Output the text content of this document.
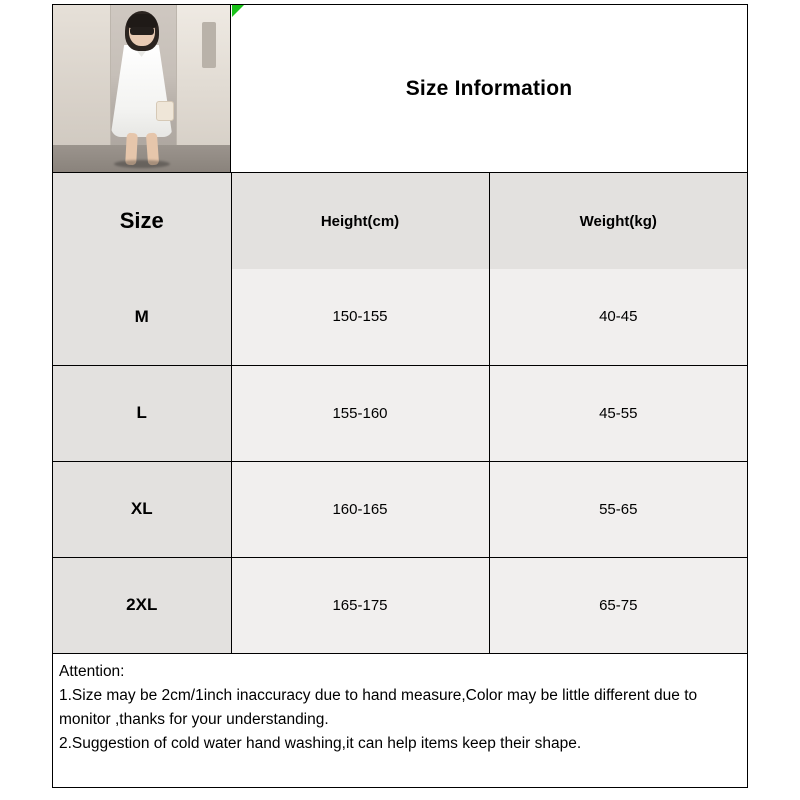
Size Information
Size	Height(cm)	Weight(kg)
M	150-155	40-45
L	155-160	45-55
XL	160-165	55-65
2XL	165-175	65-75
Attention:
1.Size may be 2cm/1inch inaccuracy due to hand measure,Color may be little different due to monitor ,thanks for your understanding.
2.Suggestion of cold water hand washing,it can help items keep their shape.
